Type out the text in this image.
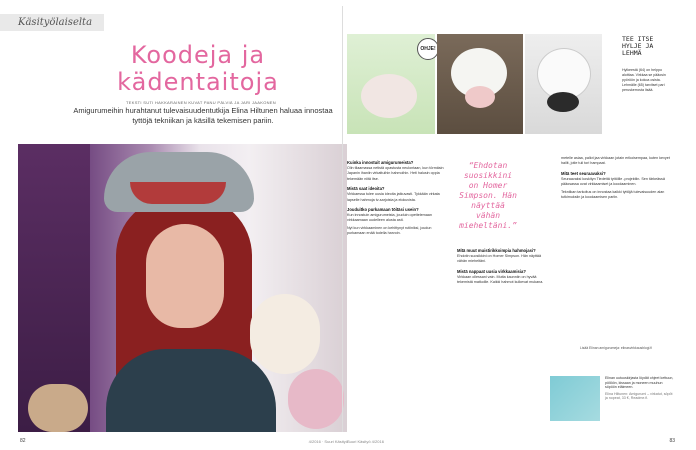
Käsityölaiselta
Koodeja ja
kädentaitoja
TEKSTI SUTI HAKKARAINEN KUVAT PANU PÄLVIÄ JA JARI JAAKONEN
Amigurumeihin hurahtanut tulevaisuudentutkija Elina Hiltunen haluaa innostaa tyttöjä tekniikan ja käsillä tekemisen pariin.
82	4/2016 · Suuri Käsityö
OHJE!
TEE ITSE HYLJE JA LEHMÄ
Hylkeestä (64) on helppo aloittaa. Virkkaa se pääosin pyöröön ja kokoa osista. Lehmälle (65) tarvitset pari peruskerrosta lisää.
Kuinka innostuit amigurumeista?

Olin tilaamassa netistä opastusta neulontaan, kun törmäsin Japanin ihaniin virkattuihin hahmoihin. Heti halusin oppia tekemään niitä itse.

Mistä saat ideoita?

Virkkaessa tulee uusia ideoita jatkuvasti. Tykkään virkata lapselle hahmoja tv-sarjoista ja elokuvista.

Jouduitko purkamaan töitäsi usein?

Kun innostuin amigurumeista, jouduin opettelemaan virkkaamaan uudelleen alusta asti.

Nyt kun virkkaaminen on kehittynyt rutiiniksi, joudun purkamaan enää todella harvoin.

“Ehdotan suosikkini on Homer Simpson. Hän näyttää vähän mieheltäni.”
Mitä muut muistirikkoimpia hahmojasi?

Ehdotin suosikkini on Homer Simpson. Hän näyttää vähän mieheltäni.

Mistä nappaat uusia virkkaamisia?

Virkkaan ollessani vain. Mutta kaunniin on hyvää tekemistä matkoille. Kaikki hahmot kulkevat mukana.

metelle asiaa, pallot jaa virkkaan jotain erikoisempaa, kuten kevyet hailit, jotle tuli tori hampaat.

Mitä teet seuraavaksi?

Seuraavaksi koskityn Tiedettä tyttöille -projektiin. Sen tärkeässä pääosassa ovat virkkaamiset ja koodaaminen.

Tekniikan tarkoitus on innostaa kaikki tyttöjä tulevaisuuden alan tutkimuksiin ja koodaamisen pariin.

Lisää Elinan amigurumeja: elinasvirkkausblogi.fi
Elinan uutuuskirjasta löydät ohjeet kettuun, pöllöön, kissaan ja moneen muuhun söpöön eläimeen.
Elina Hiltunen: Amigurumi – virkatut, söpöt ja nopeat, 33 €, Readme.fi.
Suuri Käsityö 4/2016	83
